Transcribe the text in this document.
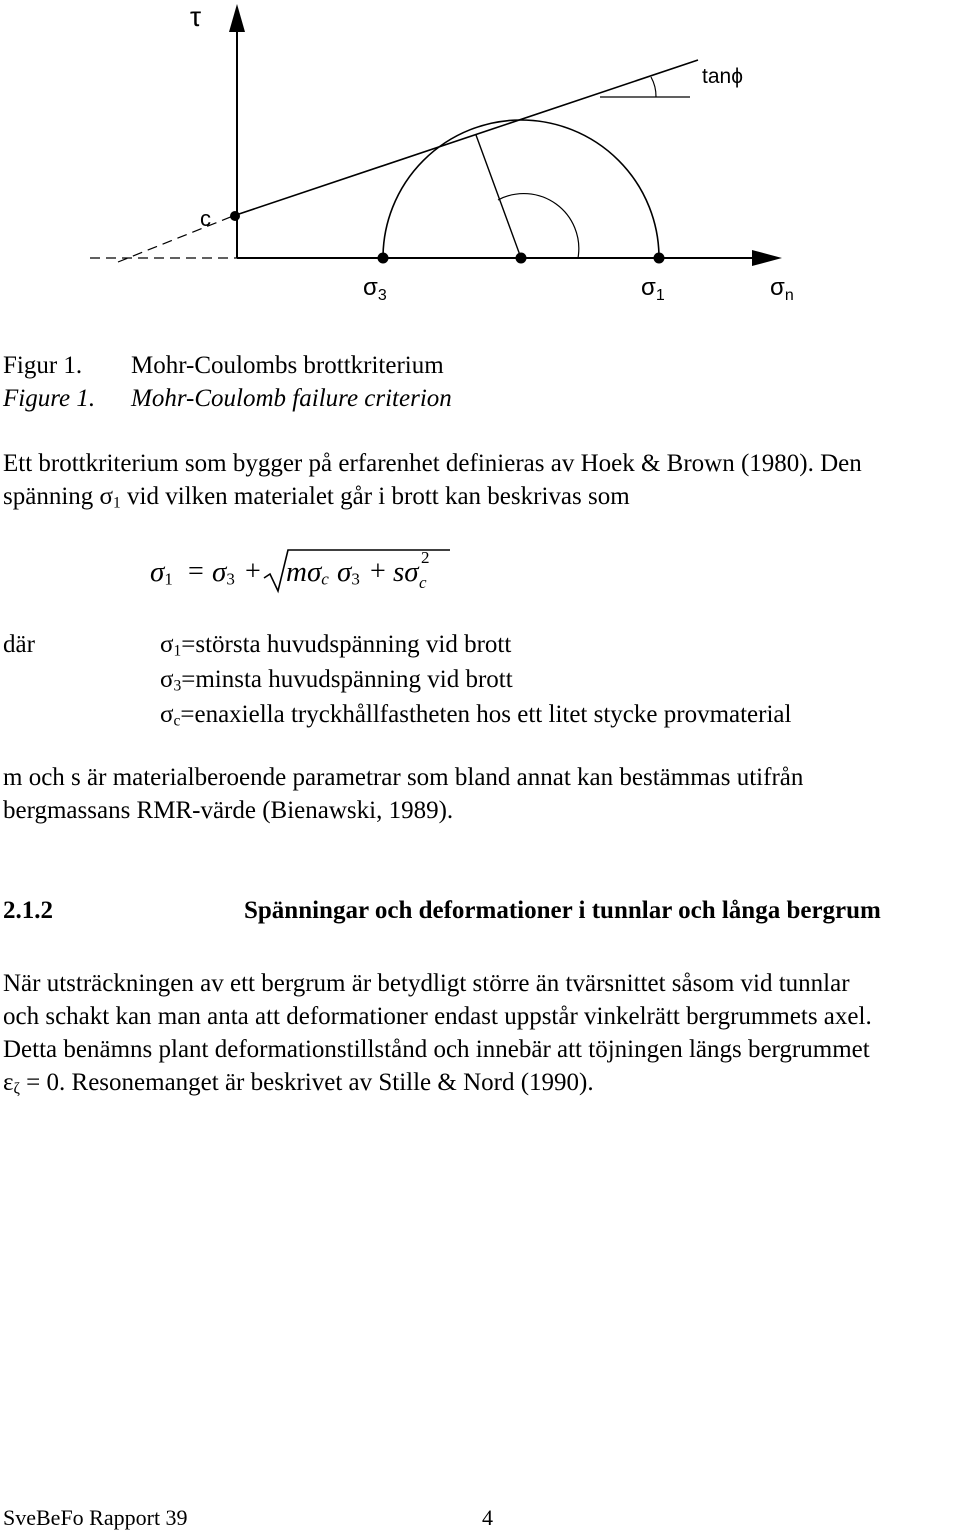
τ
tanϕ
c
$\sigma_3$	$\sigma_1$	$\sigma_n$
Figur 1. Mohr-Coulombs brottkriterium
Figure 1. Mohr-Coulomb failure criterion
Ett brottkriterium som bygger på erfarenhet definieras av Hoek & Brown (1980). Den
spänning $\sigma_1$ vid vilken materialet går i brott kan beskrivas som
$\sigma_1 = \sigma_3 + m\sigma_c$ $\sigma_3 + s\sigma$ 2
c
där	$\sigma_1=största$ huvudspänning vid brott
$\sigma_3=minsta$ huvudspänning vid brott
$\sigma_c=enaxiella$ tryckhållfastheten hos ett litet stycke provmaterial
m och s är materialberoende parametrar som bland annat kan bestämmas utifrån
bergmassans RMR-värde (Bienawski, 1989).
2.1.2	Spänningar och deformationer i tunnlar och långa bergrum
När utsträckningen av ett bergrum är betydligt större än tvärsnittet såsom vid tunnlar
och schakt kan man anta att deformationer endast uppstår vinkelrätt bergrummets axel.
Detta benämns plant deformationstillstånd och innebär att töjningen längs bergrummet
$\varepsilon_\zeta = 0$. Resonemanget är beskrivet av Stille & Nord (1990).
SveBeFo Rapport 39	4
